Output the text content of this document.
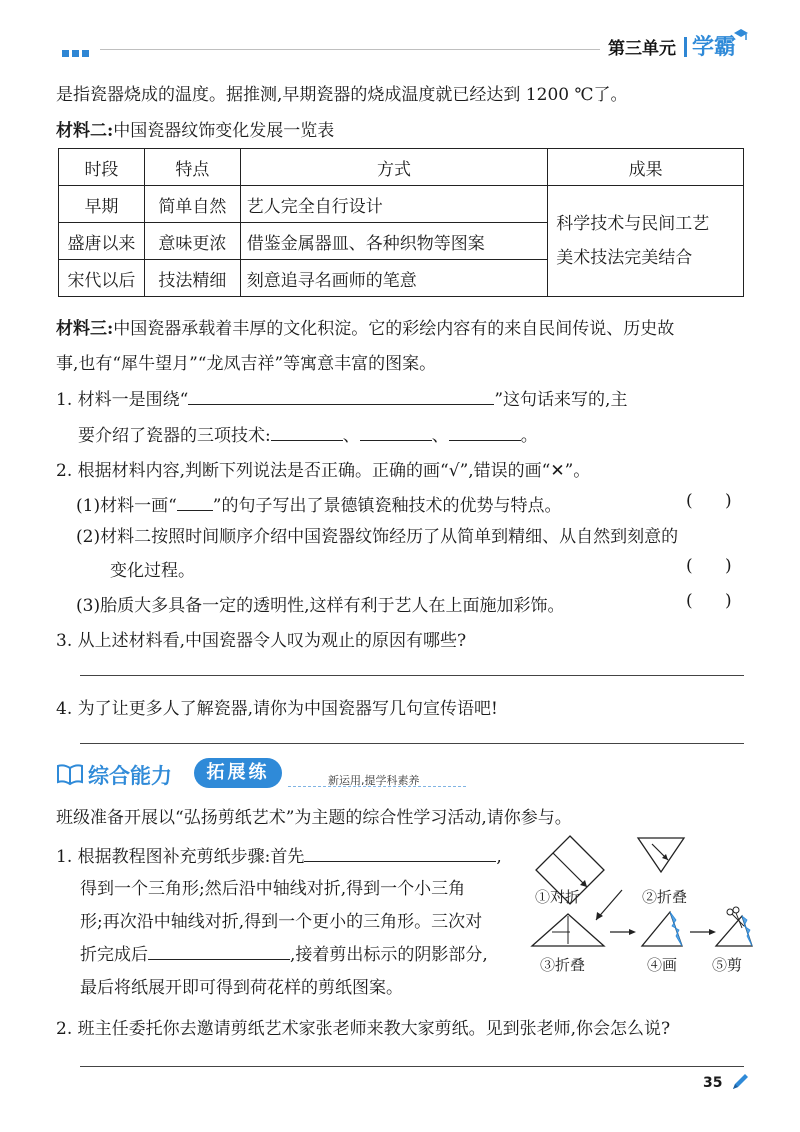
第三单元 学霸
是指瓷器烧成的温度。据推测,早期瓷器的烧成温度就已经达到 1200 ℃了。
材料二:中国瓷器纹饰变化发展一览表
时段	特点	方式	成果
早期	简单自然	艺人完全自行设计	科学技术与民间工艺
美术技法完美结合

盛唐以来	意味更浓	借鉴金属器皿、各种织物等图案	
宋代以后	技法精细	刻意追寻名画师的笔意	
材料三:中国瓷器承载着丰厚的文化积淀。它的彩绘内容有的来自民间传说、历史故
事,也有“犀牛望月”“龙凤吉祥”等寓意丰富的图案。
1. 材料一是围绕“	”这句话来写的,主
要介绍了瓷器的三项技术:	、	、	。
2. 根据材料内容,判断下列说法是否正确。正确的画“√”,错误的画“✕”。
(1)材料一画“ ”的句子写出了景德镇瓷釉技术的优势与特点。	(      )
(2)材料二按照时间顺序介绍中国瓷器纹饰经历了从简单到精细、从自然到刻意的
变化过程。	(      )
(3)胎质大多具备一定的透明性,这样有利于艺人在上面施加彩饰。	(      )
3. 从上述材料看,中国瓷器令人叹为观止的原因有哪些?
4. 为了让更多人了解瓷器,请你为中国瓷器写几句宣传语吧!
综合能力	拓展练	新运用,提学科素养
班级准备开展以“弘扬剪纸艺术”为主题的综合性学习活动,请你参与。
1. 根据教程图补充剪纸步骤:首先	,
得到一个三角形;然后沿中轴线对折,得到一个小三角
形;再次沿中轴线对折,得到一个更小的三角形。三次对
折完成后	,接着剪出标示的阴影部分,
最后将纸展开即可得到荷花样的剪纸图案。
①对折	②折叠
③折叠	④画 ⑤剪
2. 班主任委托你去邀请剪纸艺术家张老师来教大家剪纸。见到张老师,你会怎么说?
35
